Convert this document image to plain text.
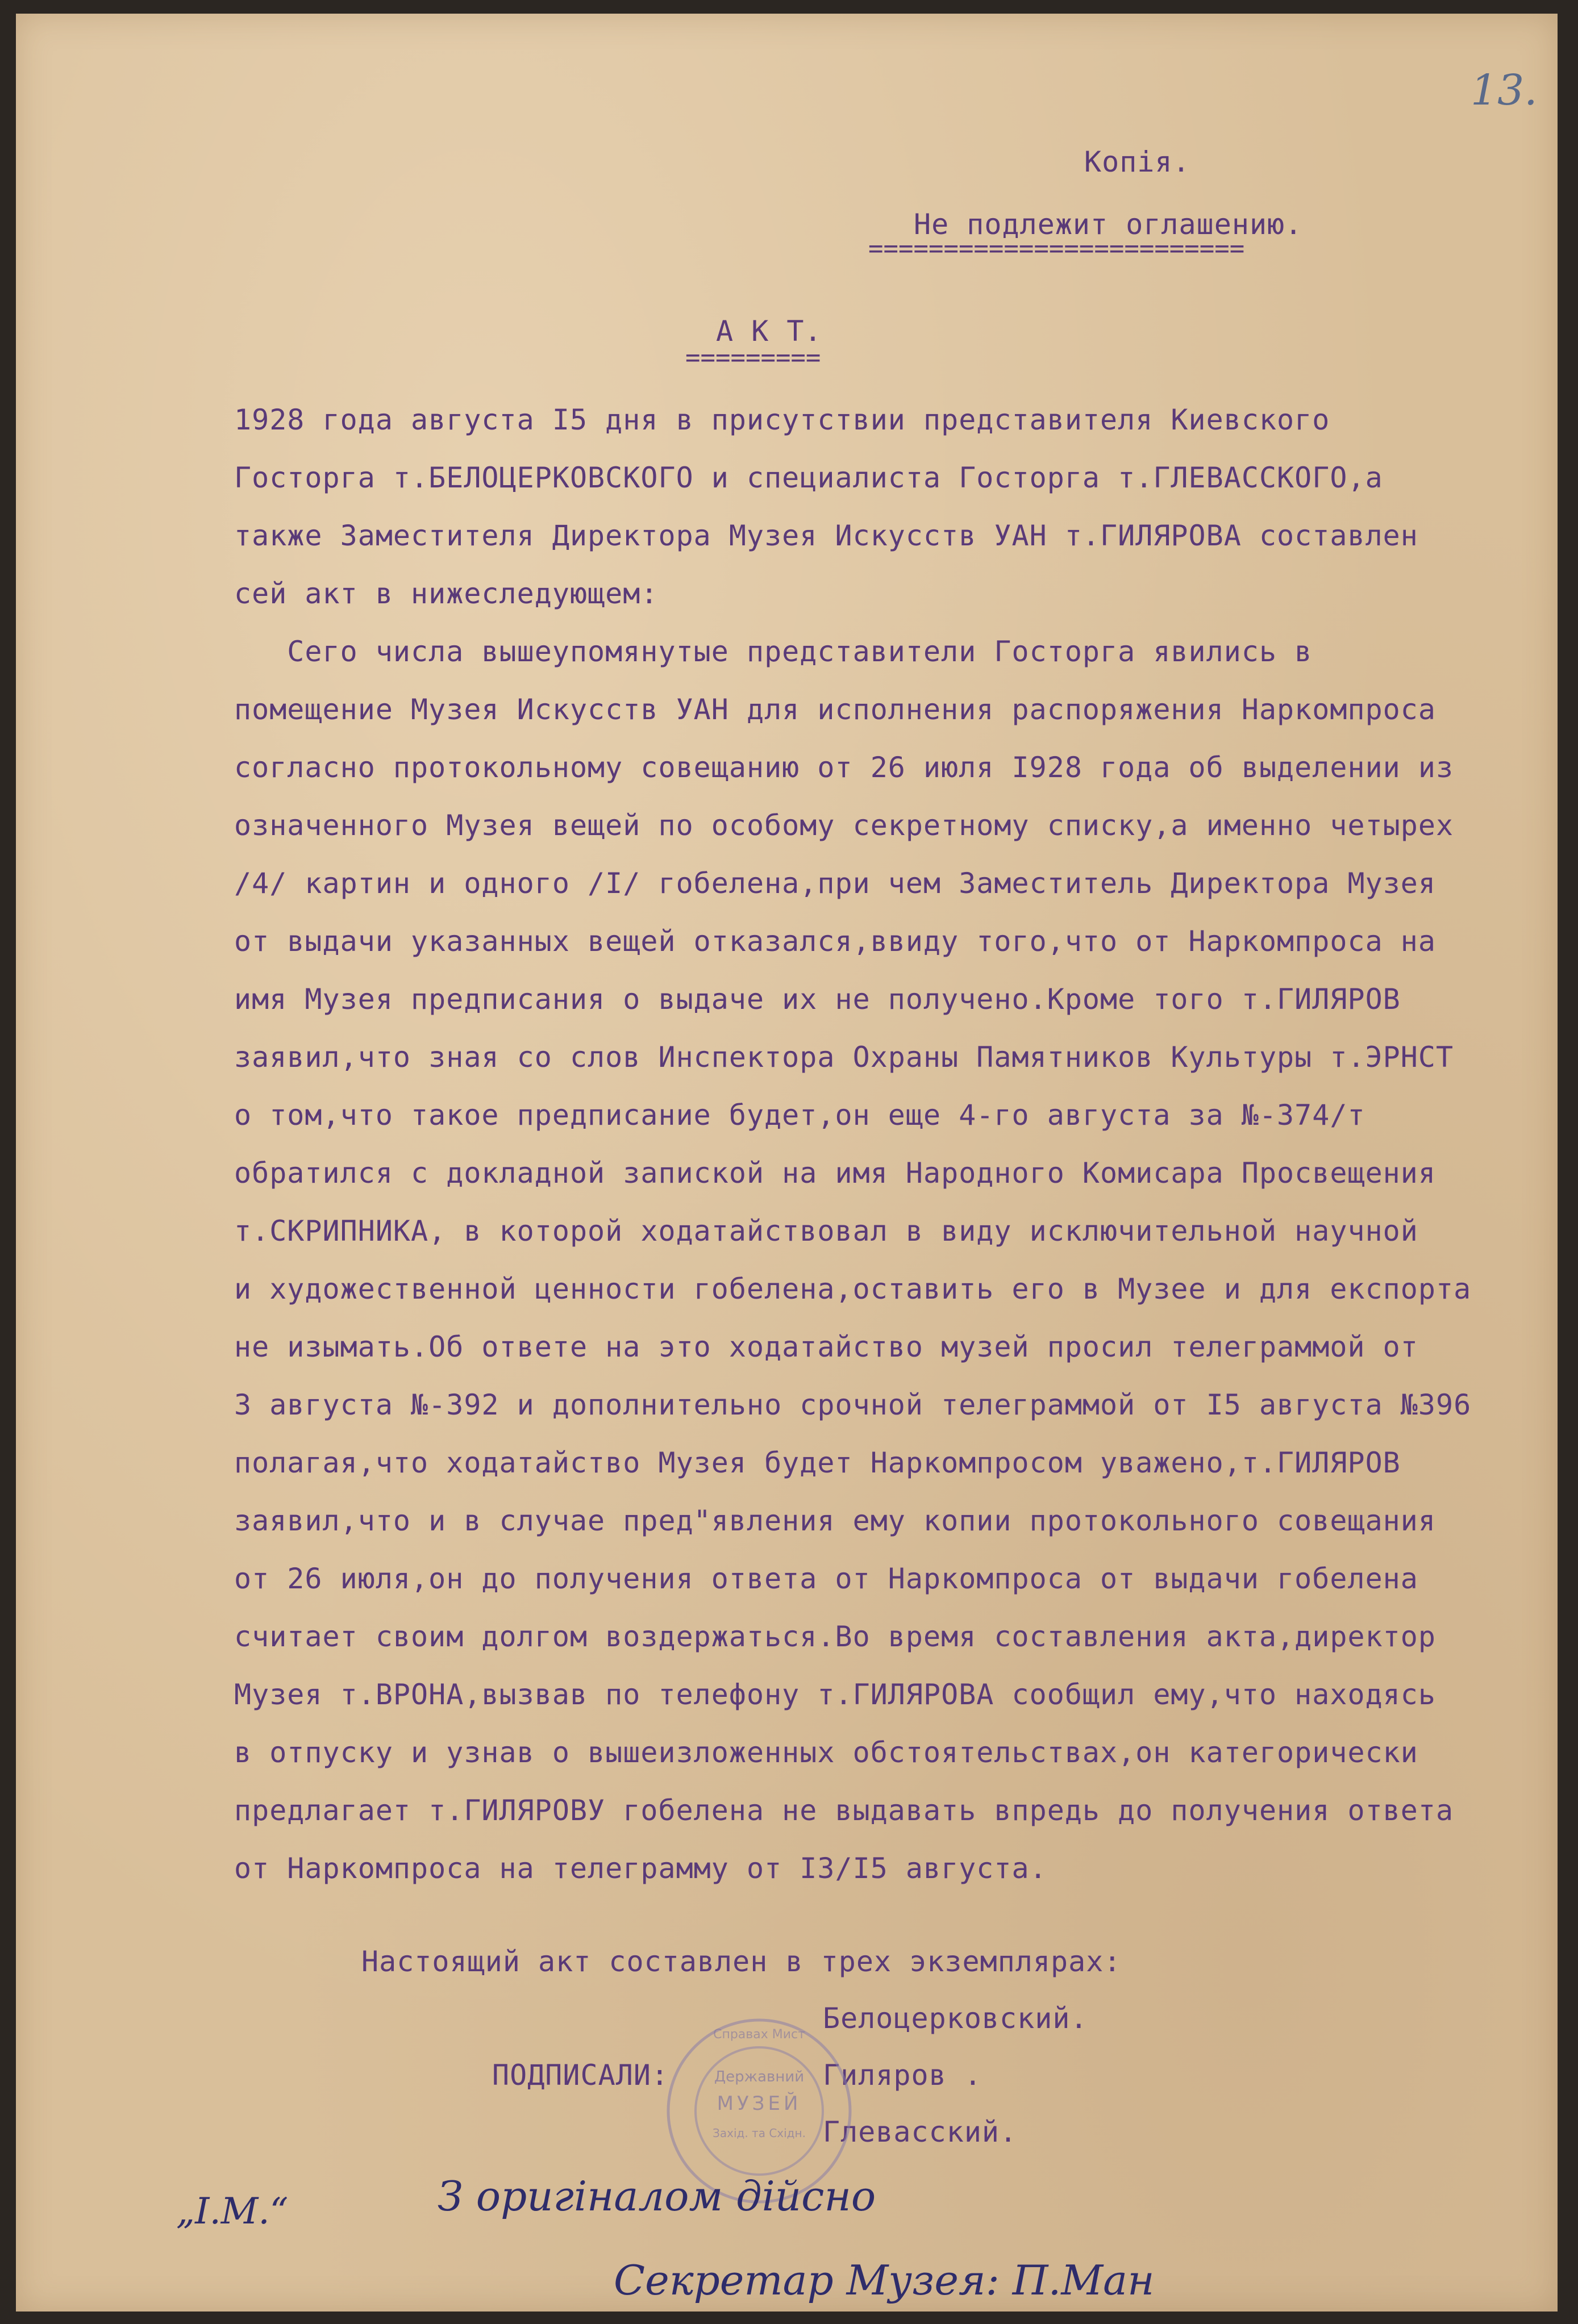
13.
Копія.
Не подлежит оглашению.
=========================
А К Т.
=========
1928 года августа I5 дня в присутствии представителя Киевского
Госторга т.БЕЛОЦЕРКОВСКОГО и специалиста Госторга т.ГЛЕВАССКОГО,а
также Заместителя Директора Музея Искусств УАН т.ГИЛЯРОВА составлен
сей акт в нижеследующем:
Сего числа вышеупомянутые представители Госторга явились в
помещение Музея Искусств УАН для исполнения распоряжения Наркомпроса
согласно протокольному совещанию от 26 июля I928 года об выделении из
означенного Музея вещей по особому секретному списку,а именно четырех
/4/ картин и одного /I/ гобелена,при чем Заместитель Директора Музея
от выдачи указанных вещей отказался,ввиду того,что от Наркомпроса на
имя Музея предписания о выдаче их не получено.Кроме того т.ГИЛЯРОВ
заявил,что зная со слов Инспектора Охраны Памятников Культуры т.ЭРНСТ
о том,что такое предписание будет,он еще 4-го августа за №-374/т
обратился с докладной запиской на имя Народного Комисара Просвещения
т.СКРИПНИКА, в которой ходатайствовал в виду исключительной научной
и художественной ценности гобелена,оставить его в Музее и для експорта
не изымать.Об ответе на это ходатайство музей просил телеграммой от
3 августа №-392 и дополнительно срочной телеграммой от I5 августа №396
полагая,что ходатайство Музея будет Наркомпросом уважено,т.ГИЛЯРОВ
заявил,что и в случае пред"явления ему копии протокольного совещания
от 26 июля,он до получения ответа от Наркомпроса от выдачи гобелена
считает своим долгом воздержаться.Во время составления акта,директор
Музея т.ВРОНА,вызвав по телефону т.ГИЛЯРОВА сообщил ему,что находясь
в отпуску и узнав о вышеизложенных обстоятельствах,он категорически
предлагает т.ГИЛЯРОВУ гобелена не выдавать впредь до получения ответа
от Наркомпроса на телеграмму от I3/I5 августа.
Настоящий акт составлен в трех экземплярах:
Белоцерковский.
ПОДПИСАЛИ:	Гиляров .
Глевасский.
Державний
МУЗЕЙ
Захід. та Східн.
Справах Мист
„I.М.“	З оригіналом дійсно
Секретар Музея: П.Ман
